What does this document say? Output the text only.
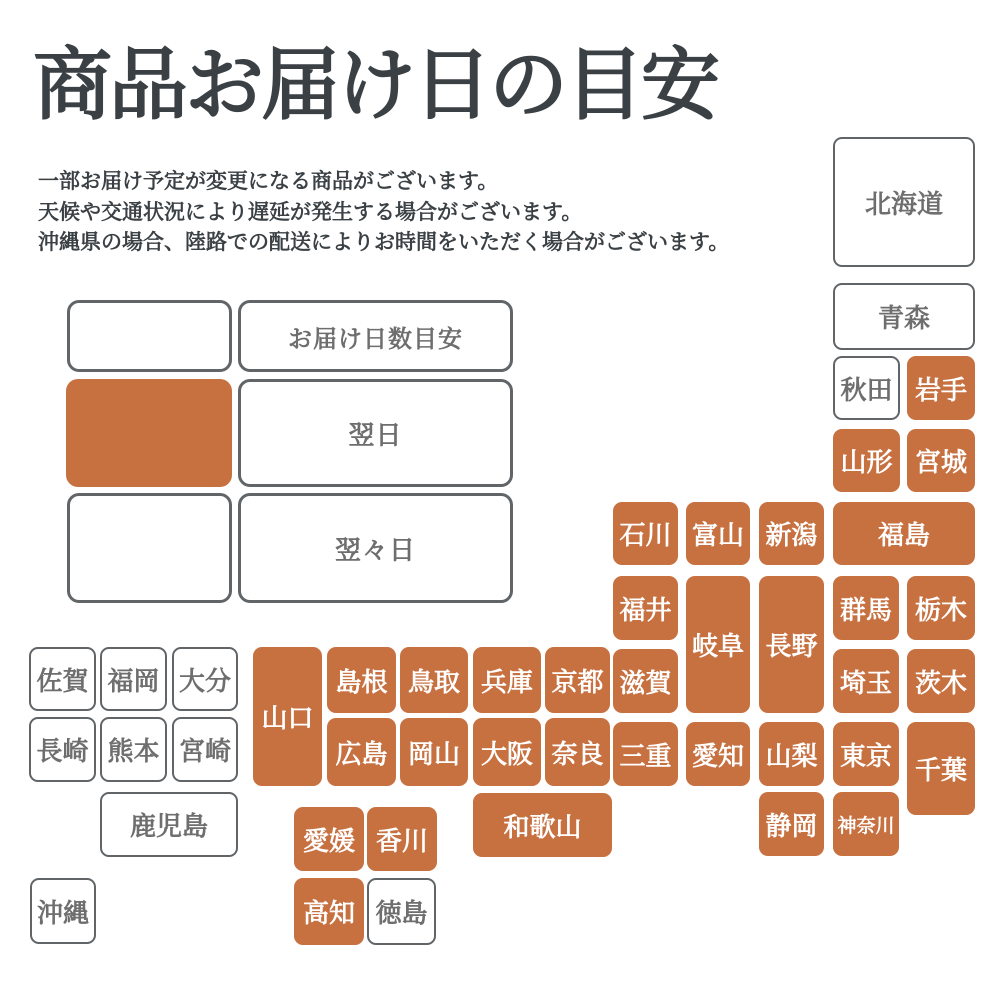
商品お届け日の目安

一部お届け予定が変更になる商品がございます。

天候や交通状況により遅延が発生する場合がございます。

沖縄県の場合、陸路での配送によりお時間をいただく場合がございます。

お届け日数目安
翌日
翌々日
北海道
青森
秋田 岩手
山形 宮城
石川 富山 新潟	福島
福井
岐阜 長野
群馬 栃木
滋賀	埼玉 茨木
三重 愛知 山梨 東京 千葉
静岡	神奈川
佐賀 福岡 大分
山口
島根 鳥取 兵庫 京都
長崎 熊本 宮崎	広島 岡山 大阪 奈良
鹿児島	和歌山
愛媛 香川
沖縄	高知 徳島
